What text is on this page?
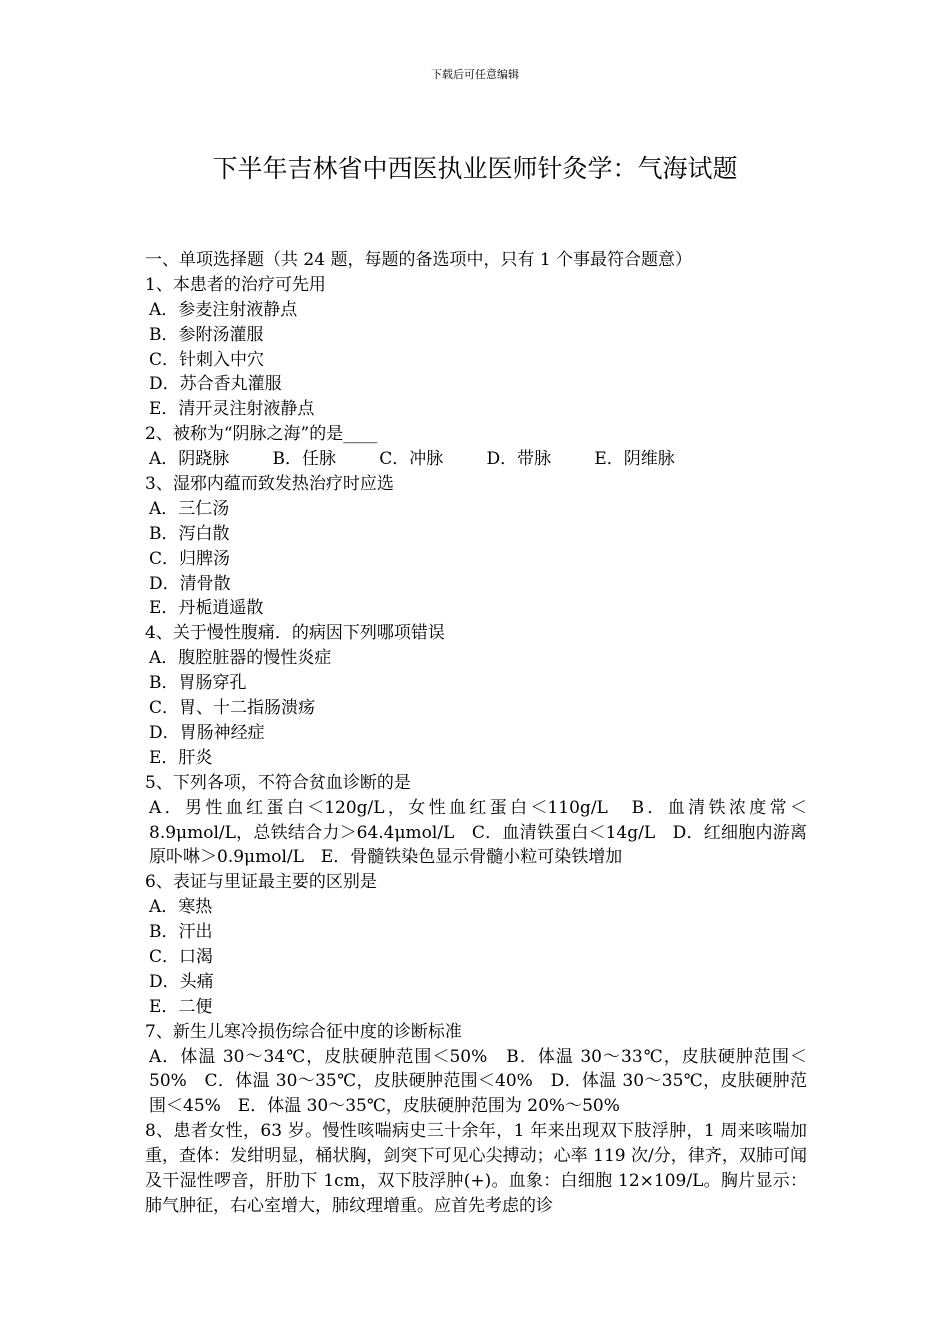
下载后可任意编辑
下半年吉林省中西医执业医师针灸学：气海试题
一、单项选择题（共 24 题，每题的备选项中，只有 1 个事最符合题意）
1、本患者的治疗可先用
A．参麦注射液静点
B．参附汤灌服
C．针刺入中穴
D．苏合香丸灌服
E．清开灵注射液静点
2、被称为“阴脉之海”的是____
A．阴跷脉        B．任脉        C．冲脉        D．带脉        E．阴维脉
3、湿邪内蕴而致发热治疗时应选
A．三仁汤
B．泻白散
C．归脾汤
D．清骨散
E．丹栀逍遥散
4、关于慢性腹痛．的病因下列哪项错误
A．腹腔脏器的慢性炎症
B．胃肠穿孔
C．胃、十二指肠溃疡
D．胃肠神经症
E．肝炎
5、下列各项，不符合贫血诊断的是
A．男性血红蛋白＜120g/L，女性血红蛋白＜110g/L　B．血清铁浓度常＜8.9μmol/L，总铁结合力＞64.4μmol/L　C．血清铁蛋白＜14g/L　D．红细胞内游离原卟啉＞0.9μmol/L　E．骨髓铁染色显示骨髓小粒可染铁增加
6、表证与里证最主要的区别是
A．寒热
B．汗出
C．口渴
D．头痛
E．二便
7、新生儿寒冷损伤综合征中度的诊断标准
A．体温 30～34℃，皮肤硬肿范围＜50%　B．体温 30～33℃，皮肤硬肿范围＜50%　C．体温 30～35℃，皮肤硬肿范围＜40%　D．体温 30～35℃，皮肤硬肿范围＜45%　E．体温 30～35℃，皮肤硬肿范围为 20%～50%
8、患者女性，63 岁。慢性咳喘病史三十余年，1 年来出现双下肢浮肿，1 周来咳喘加重，查体：发绀明显，桶状胸，剑突下可见心尖搏动；心率 119 次/分，律齐，双肺可闻及干湿性啰音，肝肋下 1cm，双下肢浮肿(+)。血象：白细胞 12×109/L。胸片显示：肺气肿征，右心室增大，肺纹理增重。应首先考虑的诊
